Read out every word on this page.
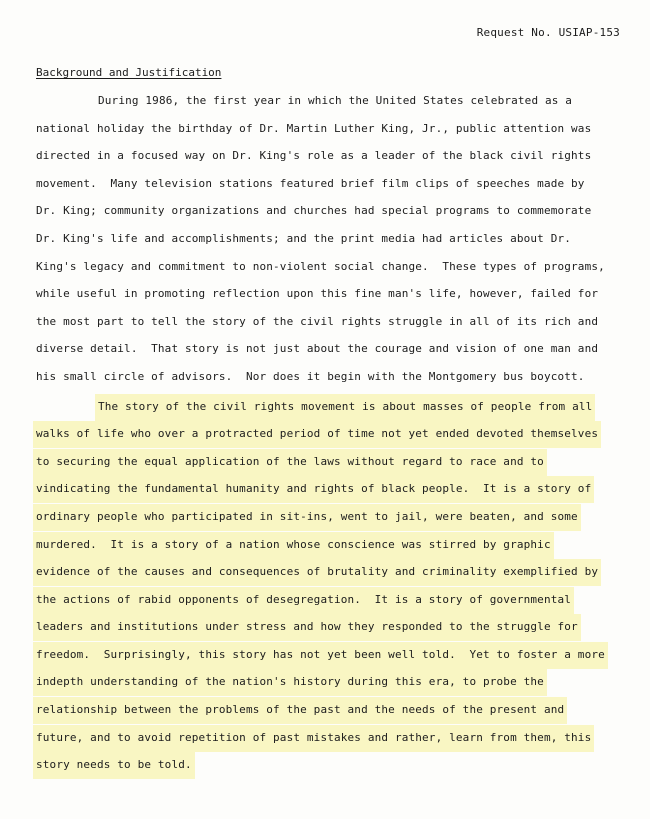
Request No. USIAP-153
Background and Justification
During 1986, the first year in which the United States celebrated as a
national holiday the birthday of Dr. Martin Luther King, Jr., public attention was
directed in a focused way on Dr. King's role as a leader of the black civil rights
movement.  Many television stations featured brief film clips of speeches made by
Dr. King; community organizations and churches had special programs to commemorate
Dr. King's life and accomplishments; and the print media had articles about Dr.
King's legacy and commitment to non-violent social change.  These types of programs,
while useful in promoting reflection upon this fine man's life, however, failed for
the most part to tell the story of the civil rights struggle in all of its rich and
diverse detail.  That story is not just about the courage and vision of one man and
his small circle of advisors.  Nor does it begin with the Montgomery bus boycott.
The story of the civil rights movement is about masses of people from all
walks of life who over a protracted period of time not yet ended devoted themselves
to securing the equal application of the laws without regard to race and to
vindicating the fundamental humanity and rights of black people.  It is a story of
ordinary people who participated in sit-ins, went to jail, were beaten, and some
murdered.  It is a story of a nation whose conscience was stirred by graphic
evidence of the causes and consequences of brutality and criminality exemplified by
the actions of rabid opponents of desegregation.  It is a story of governmental
leaders and institutions under stress and how they responded to the struggle for
freedom.  Surprisingly, this story has not yet been well told.  Yet to foster a more
indepth understanding of the nation's history during this era, to probe the
relationship between the problems of the past and the needs of the present and
future, and to avoid repetition of past mistakes and rather, learn from them, this
story needs to be told.
